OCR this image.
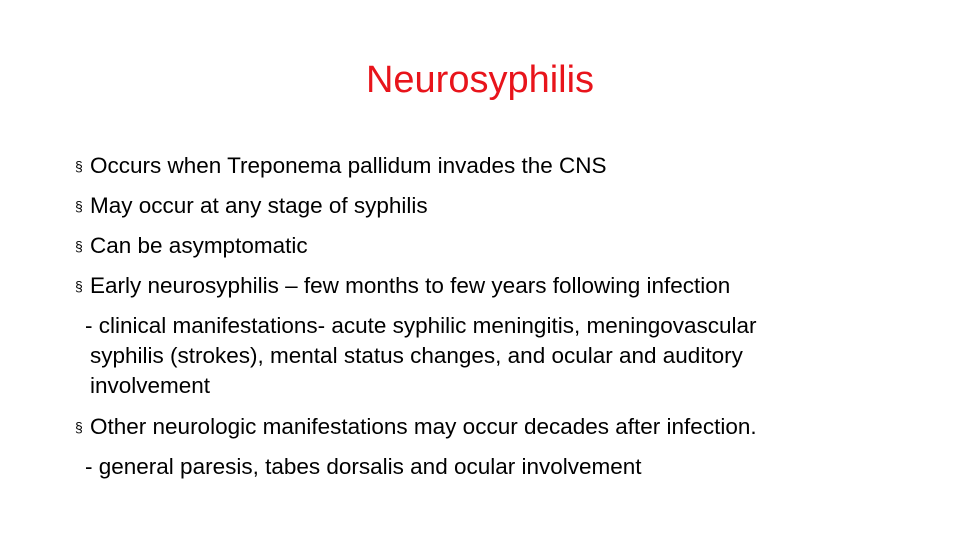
Neurosyphilis
§ Occurs when Treponema pallidum invades the CNS
§ May occur at any stage of syphilis
§ Can be asymptomatic
§ Early neurosyphilis – few months to few years following infection
- clinical manifestations- acute syphilic meningitis, meningovascular
syphilis (strokes), mental status changes, and ocular and auditory
involvement
§ Other neurologic manifestations may occur decades after infection.
- general paresis, tabes dorsalis and ocular involvement
